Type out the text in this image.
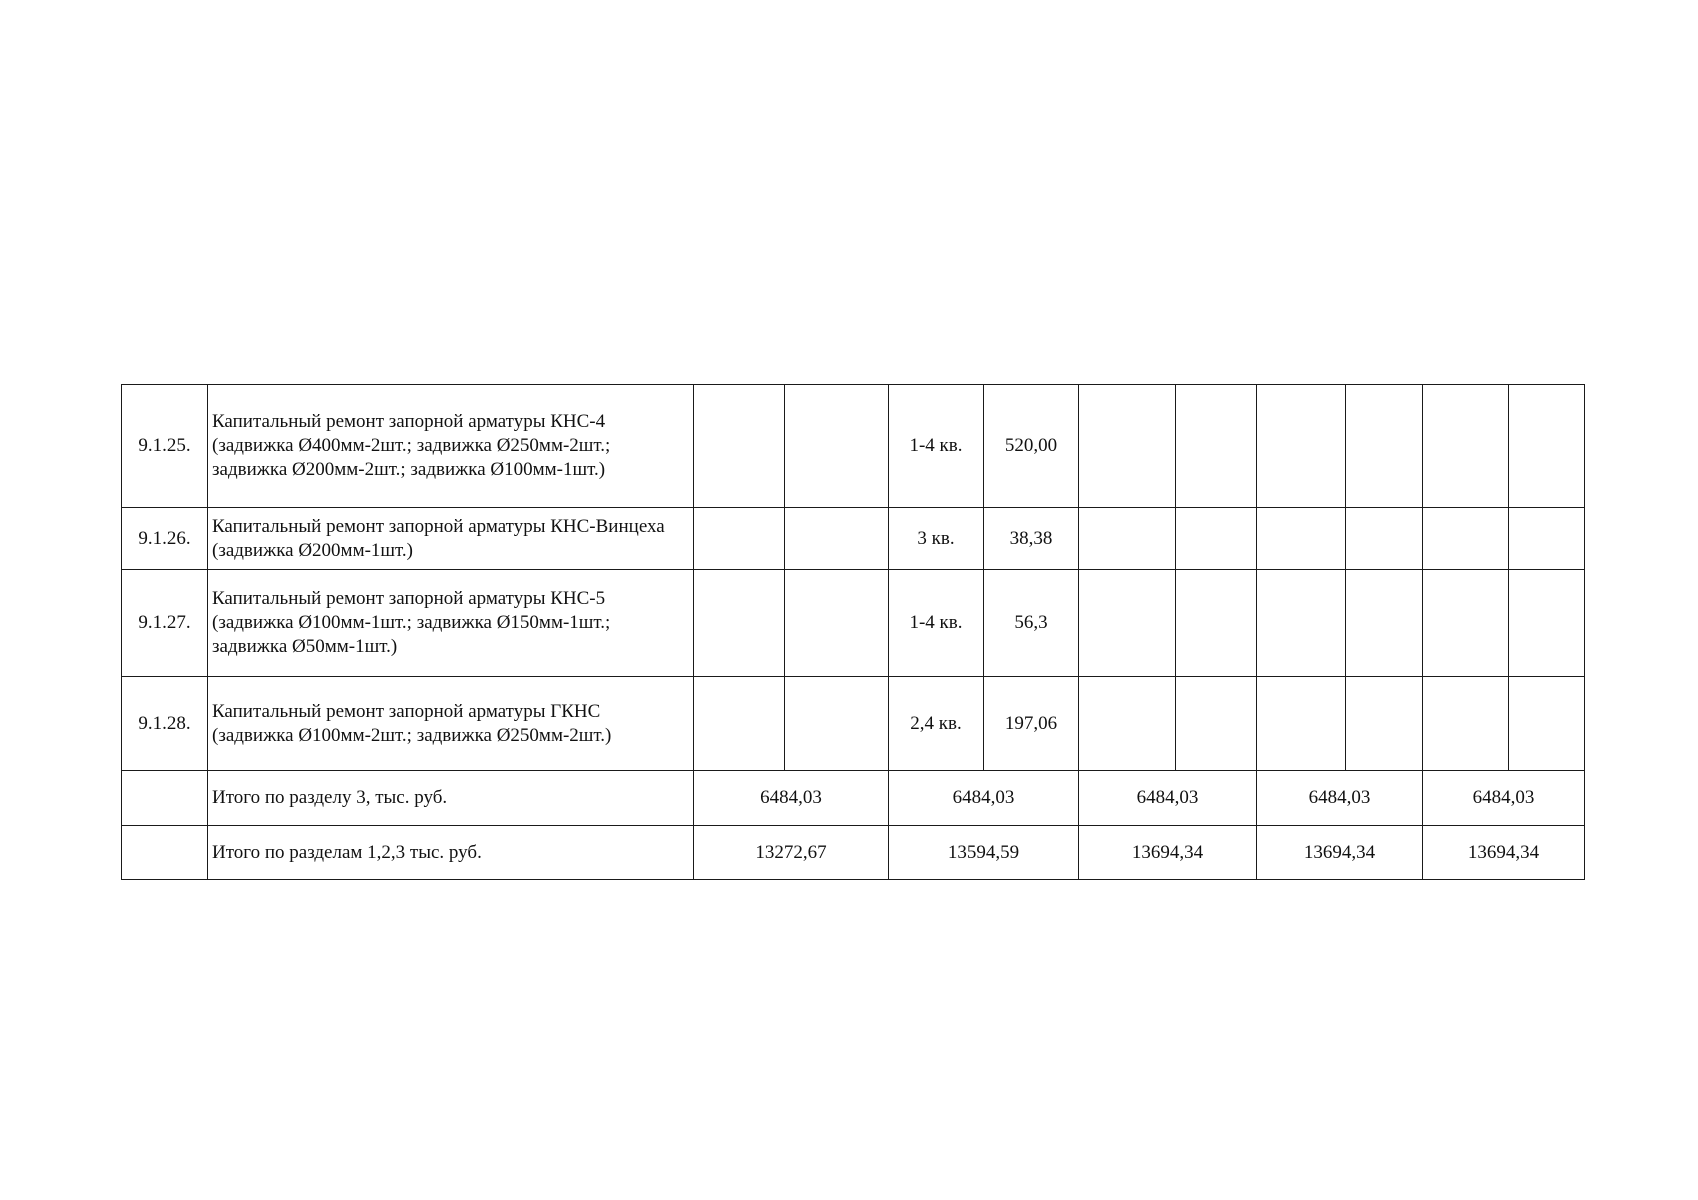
9.1.25.	Капитальный ремонт запорной арматуры КНС-4
(задвижка Ø400мм-2шт.; задвижка Ø250мм-2шт.;
задвижка Ø200мм-2шт.; задвижка Ø100мм-1шт.)			1-4 кв.	520,00						
9.1.26.	Капитальный ремонт запорной арматуры КНС-Винцеха
(задвижка Ø200мм-1шт.)			3 кв.	38,38						
9.1.27.	Капитальный ремонт запорной арматуры КНС-5
(задвижка Ø100мм-1шт.; задвижка Ø150мм-1шт.;
задвижка Ø50мм-1шт.)			1-4 кв.	56,3						
9.1.28.	Капитальный ремонт запорной арматуры ГКНС
(задвижка Ø100мм-2шт.; задвижка Ø250мм-2шт.)			2,4 кв.	197,06						
	Итого по разделу 3, тыс. руб.	6484,03		6484,03		6484,03		6484,03		6484,03	
	Итого по разделам 1,2,3 тыс. руб.	13272,67		13594,59		13694,34		13694,34		13694,34	
